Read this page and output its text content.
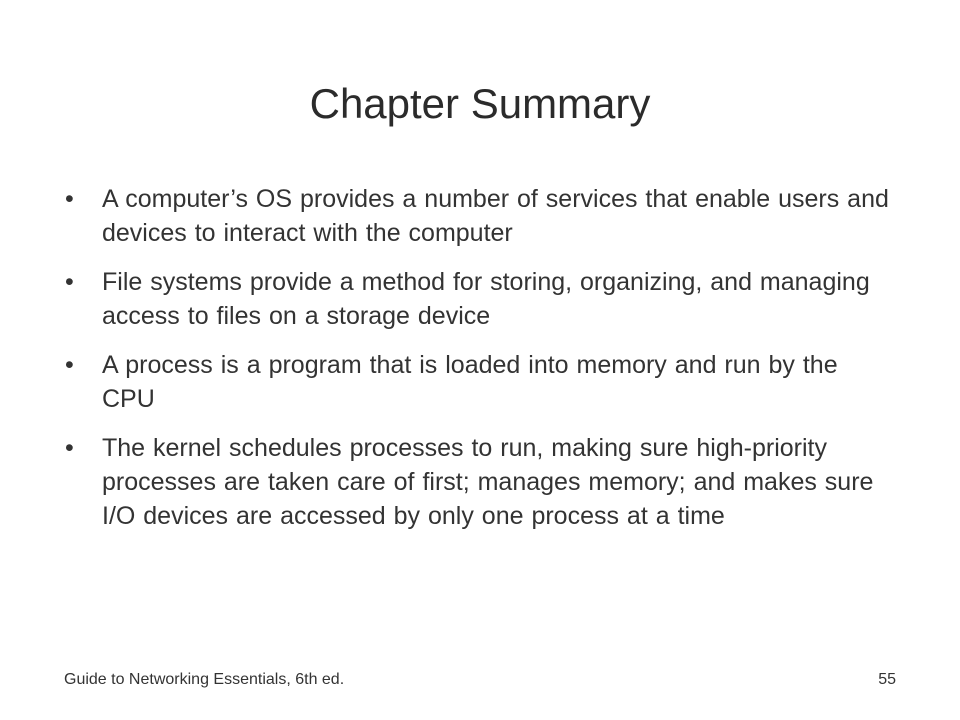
Chapter Summary
• A computer’s OS provides a number of services that enable users and devices to interact with the computer
• File systems provide a method for storing, organizing, and managing access to files on a storage device
• A process is a program that is loaded into memory and run by the CPU
• The kernel schedules processes to run, making sure high-priority processes are taken care of first; manages memory; and makes sure I/O devices are accessed by only one process at a time
Guide to Networking Essentials, 6th ed.	55
